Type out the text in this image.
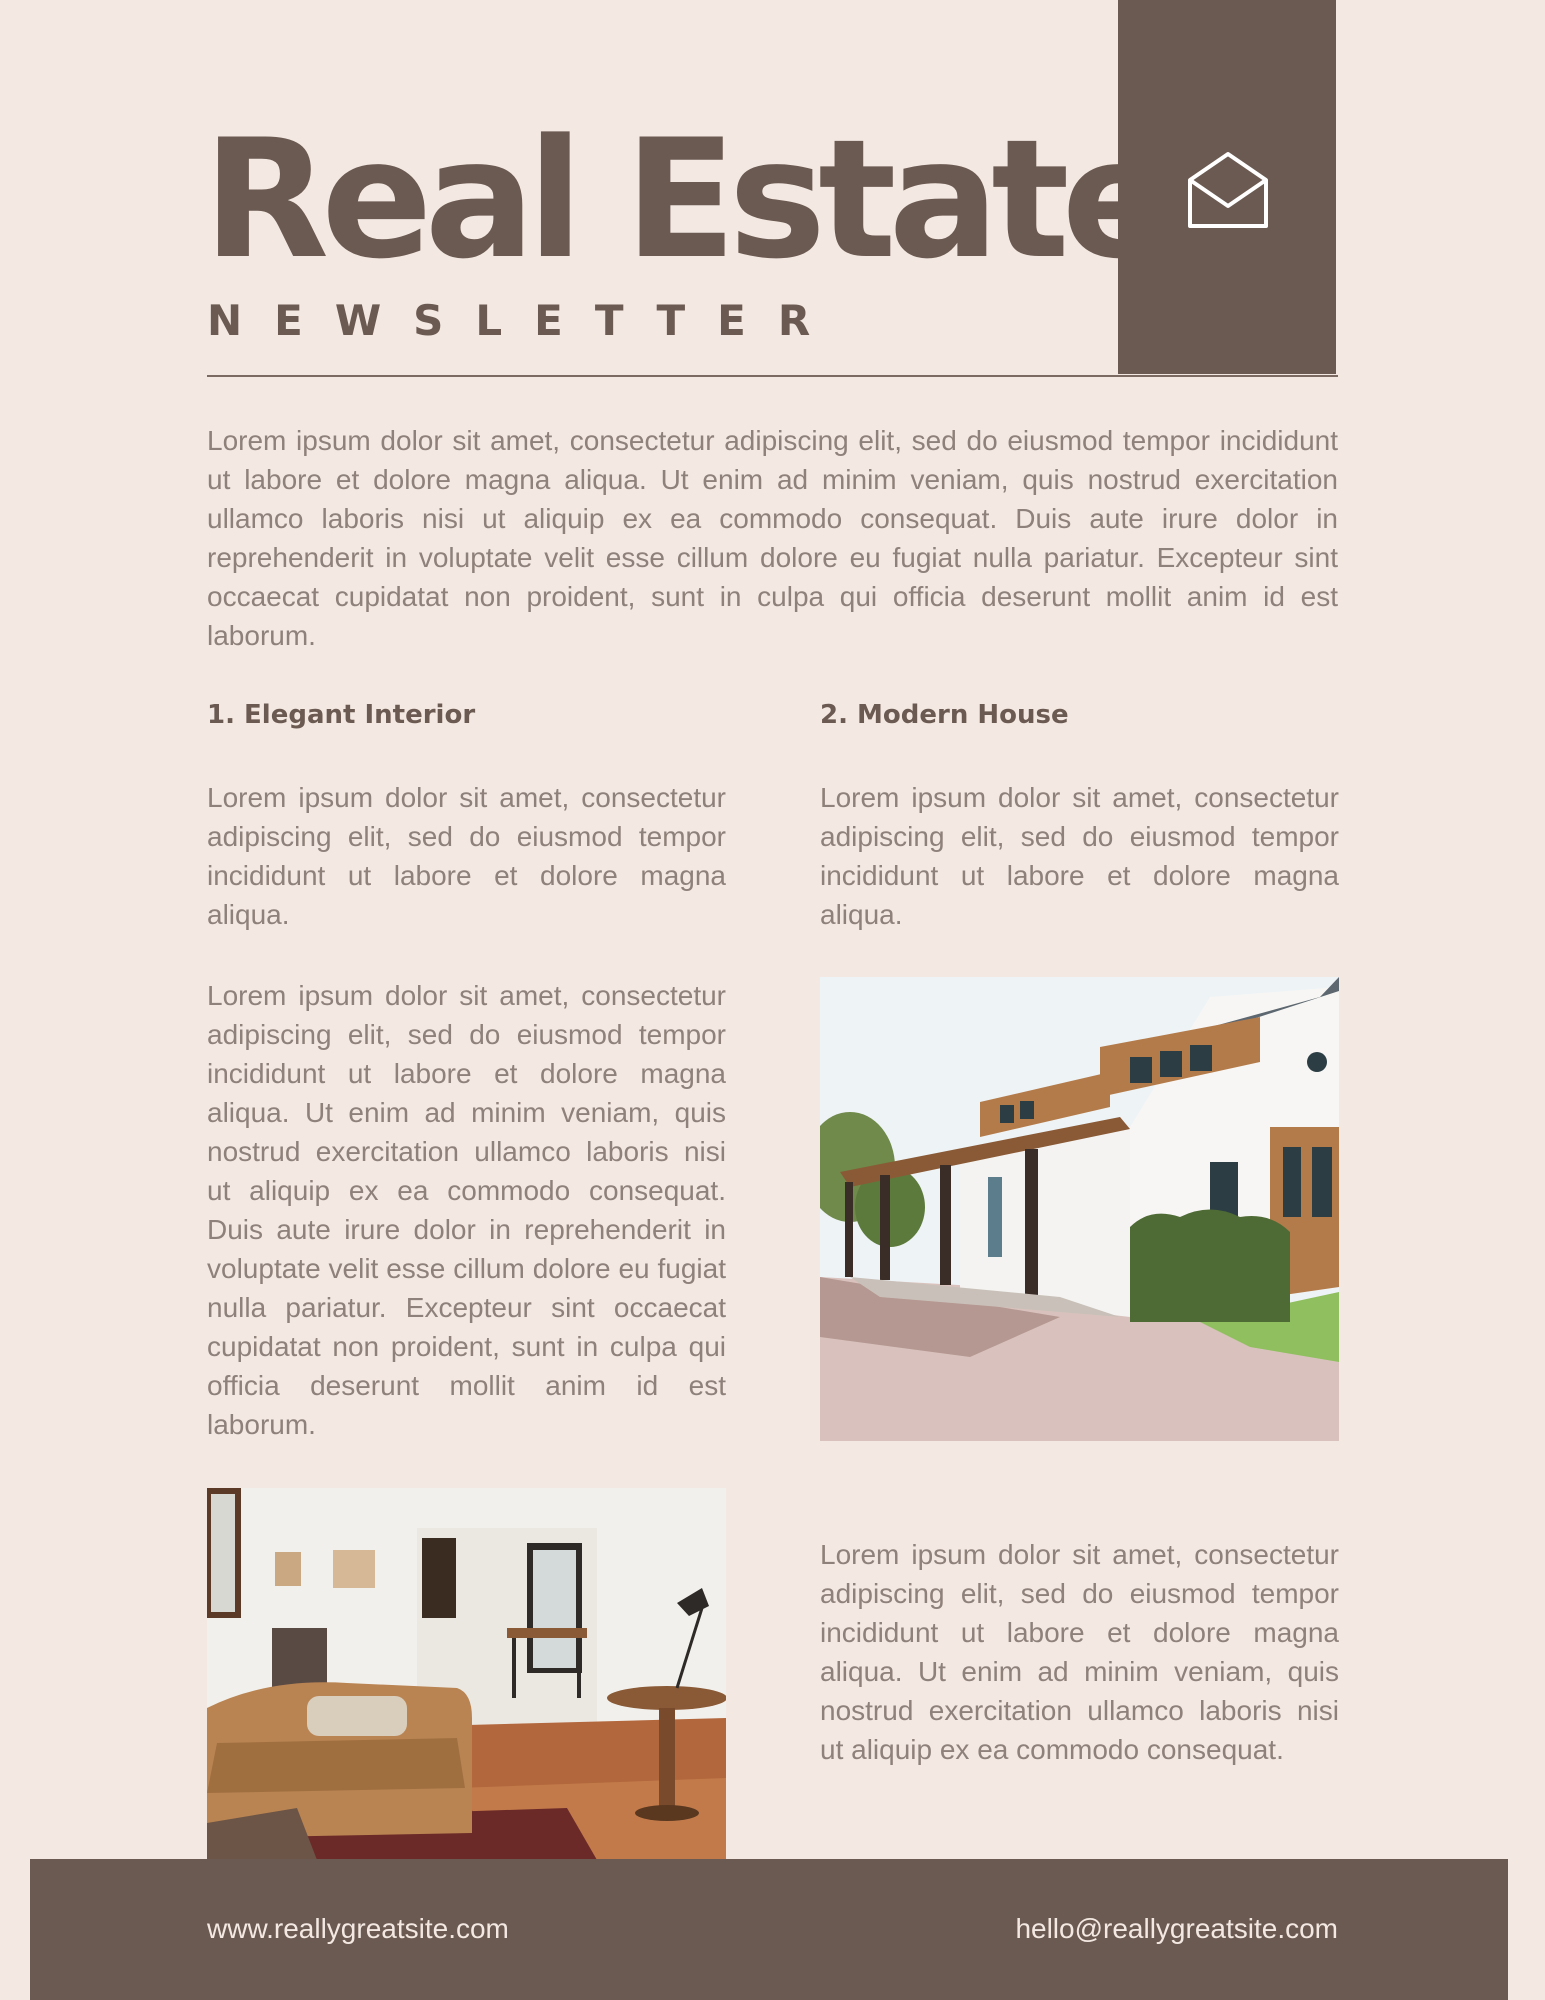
Real Estate
NEWSLETTER
Lorem ipsum dolor sit amet, consectetur adipiscing elit, sed do eiusmod tempor incididunt ut labore et dolore magna aliqua. Ut enim ad minim veniam, quis nostrud exercitation ullamco laboris nisi ut aliquip ex ea commodo consequat. Duis aute irure dolor in reprehenderit in voluptate velit esse cillum dolore eu fugiat nulla pariatur. Excepteur sint occaecat cupidatat non proident, sunt in culpa qui officia deserunt mollit anim id est laborum.
1. Elegant Interior	2. Modern House
Lorem ipsum dolor sit amet, consectetur adipiscing elit, sed do eiusmod tempor incididunt ut labore et dolore magna aliqua.
Lorem ipsum dolor sit amet, consectetur adipiscing elit, sed do eiusmod tempor incididunt ut labore et dolore magna aliqua. Ut enim ad minim veniam, quis nostrud exercitation ullamco laboris nisi ut aliquip ex ea commodo consequat. Duis aute irure dolor in reprehenderit in voluptate velit esse cillum dolore eu fugiat nulla pariatur. Excepteur sint occaecat cupidatat non proident, sunt in culpa qui officia deserunt mollit anim id est laborum.
Lorem ipsum dolor sit amet, consectetur adipiscing elit, sed do eiusmod tempor incididunt ut labore et dolore magna aliqua.
Lorem ipsum dolor sit amet, consectetur adipiscing elit, sed do eiusmod tempor incididunt ut labore et dolore magna aliqua. Ut enim ad minim veniam, quis nostrud exercitation ullamco laboris nisi ut aliquip ex ea commodo consequat.
www.reallygreatsite.com	hello@reallygreatsite.com
